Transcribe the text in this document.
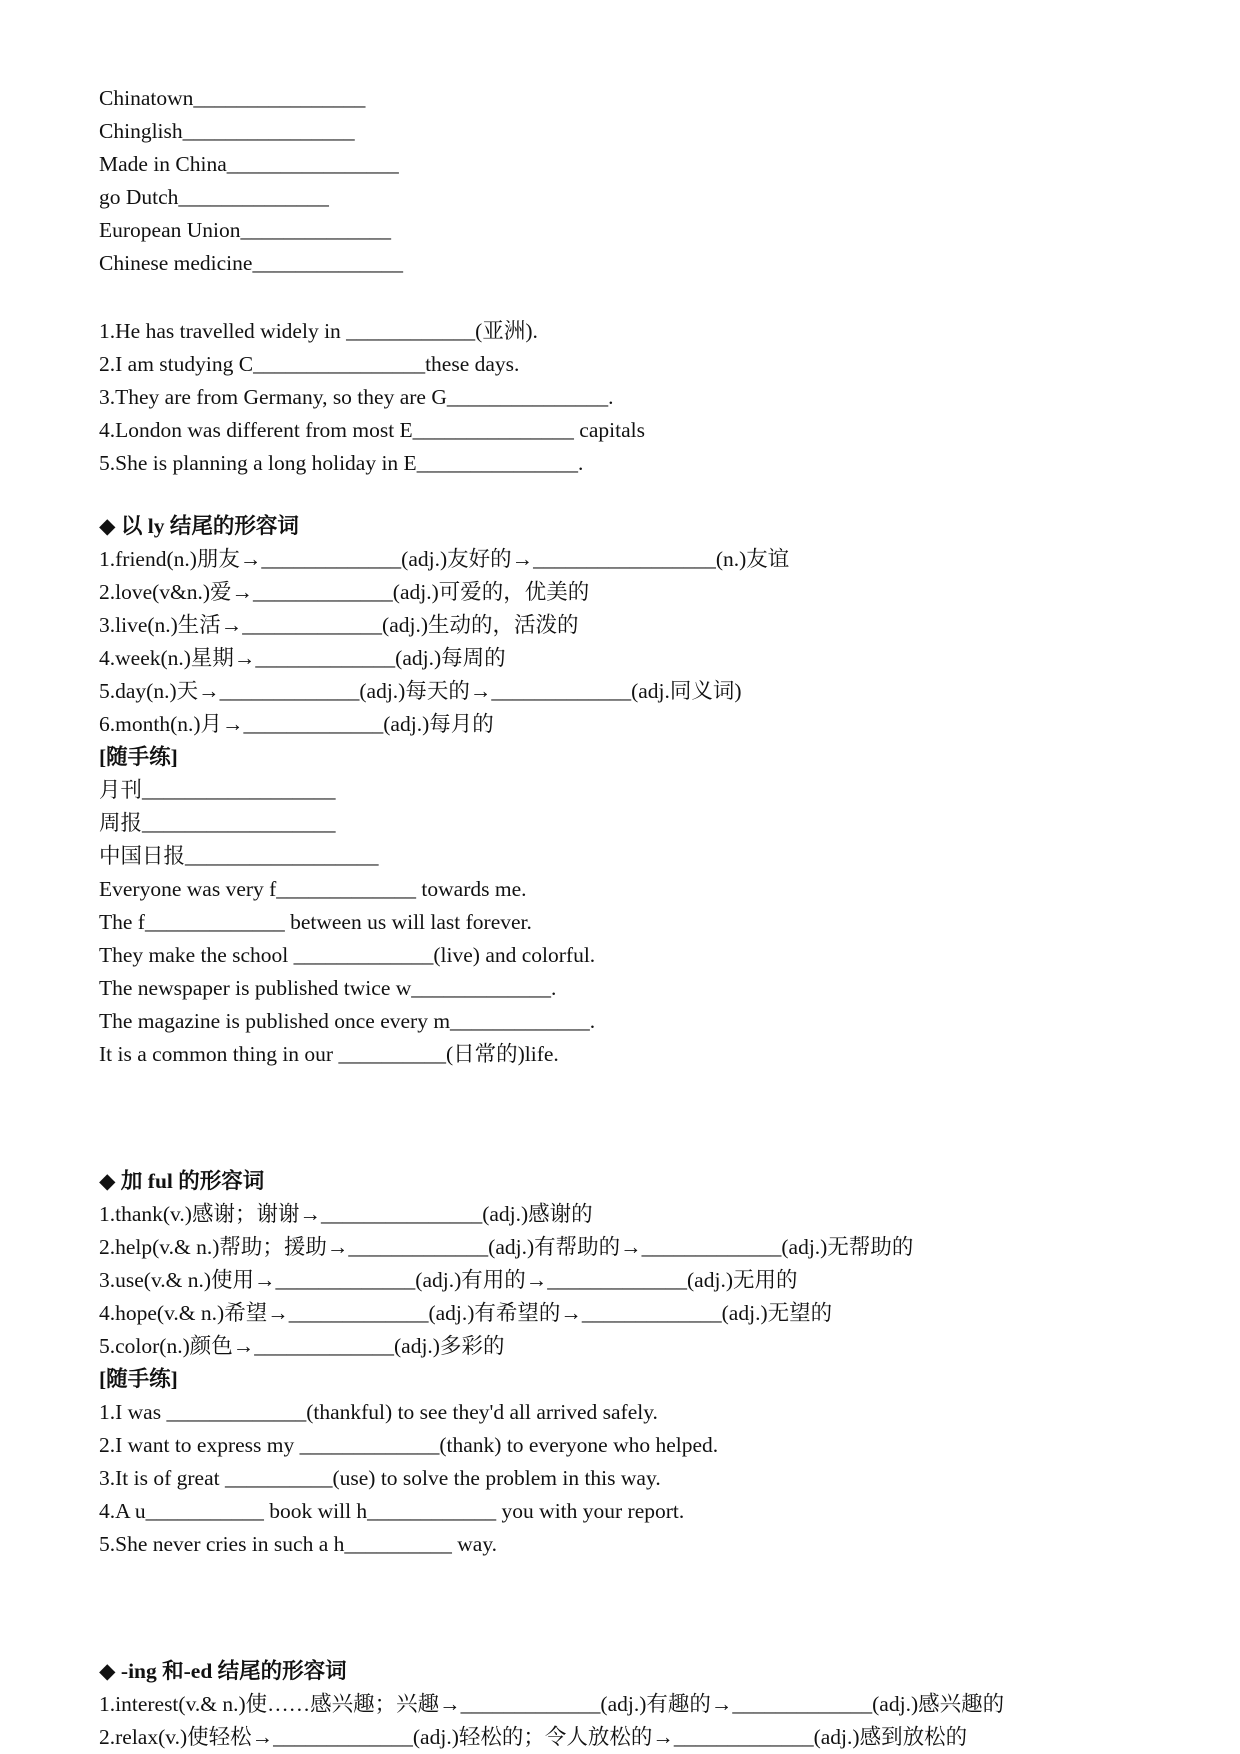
Chinatown________________
Chinglish________________
Made in China________________
go Dutch______________
European Union______________
Chinese medicine______________
1.He has travelled widely in ____________(亚洲).
2.I am studying C________________these days.
3.They are from Germany, so they are G_______________.
4.London was different from most E_______________ capitals
5.She is planning a long holiday in E_______________.
◆ 以 ly 结尾的形容词
1.friend(n.)朋友→_____________(adj.)友好的→_________________(n.)友谊
2.love(v&n.)爱→_____________(adj.)可爱的，优美的
3.live(n.)生活→_____________(adj.)生动的，活泼的
4.week(n.)星期→_____________(adj.)每周的
5.day(n.)天→_____________(adj.)每天的→_____________(adj.同义词)
6.month(n.)月→_____________(adj.)每月的
[随手练]
月刊__________________
周报__________________
中国日报__________________
Everyone was very f_____________ towards me.
The f_____________ between us will last forever.
They make the school _____________(live) and colorful.
The newspaper is published twice w_____________.
The magazine is published once every m_____________.
It is a common thing in our __________(日常的)life.
◆ 加 ful 的形容词
1.thank(v.)感谢；谢谢→_______________(adj.)感谢的
2.help(v.& n.)帮助；援助→_____________(adj.)有帮助的→_____________(adj.)无帮助的
3.use(v.& n.)使用→_____________(adj.)有用的→_____________(adj.)无用的
4.hope(v.& n.)希望→_____________(adj.)有希望的→_____________(adj.)无望的
5.color(n.)颜色→_____________(adj.)多彩的
[随手练]
1.I was _____________(thankful) to see they'd all arrived safely.
2.I want to express my _____________(thank) to everyone who helped.
3.It is of great __________(use) to solve the problem in this way.
4.A u___________ book will h____________ you with your report.
5.She never cries in such a h__________ way.
◆ -ing 和-ed 结尾的形容词
1.interest(v.& n.)使……感兴趣；兴趣→_____________(adj.)有趣的→_____________(adj.)感兴趣的
2.relax(v.)使轻松→_____________(adj.)轻松的；令人放松的→_____________(adj.)感到放松的
